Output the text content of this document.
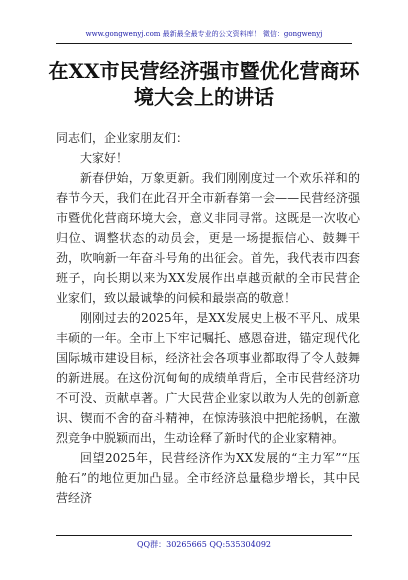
www.gongwenyj.com 最新最全最专业的公文资料库！ 微信：gongwenyj
在XX市民营经济强市暨优化营商环境大会上的讲话

同志们，企业家朋友们：

大家好！

新春伊始，万象更新。我们刚刚度过一个欢乐祥和的春节今天，我们在此召开全市新春第一会——民营经济强市暨优化营商环境大会，意义非同寻常。这既是一次收心归位、调整状态的动员会，更是一场提振信心、鼓舞干劲，吹响新一年奋斗号角的出征会。首先，我代表市四套班子，向长期以来为XX发展作出卓越贡献的全市民营企业家们，致以最诚挚的问候和最崇高的敬意！

刚刚过去的2025年，是XX发展史上极不平凡、成果丰硕的一年。全市上下牢记嘱托、感恩奋进，锚定现代化国际城市建设目标，经济社会各项事业都取得了令人鼓舞的新进展。在这份沉甸甸的成绩单背后，全市民营经济功不可没、贡献卓著。广大民营企业家以敢为人先的创新意识、锲而不舍的奋斗精神，在惊涛骇浪中把舵扬帆，在激烈竞争中脱颖而出，生动诠释了新时代的企业家精神。

回望2025年，民营经济作为XX发展的“主力军”“压舱石”的地位更加凸显。全市经济总量稳步增长，其中民营经济

QQ群：30265665 QQ:535304092
